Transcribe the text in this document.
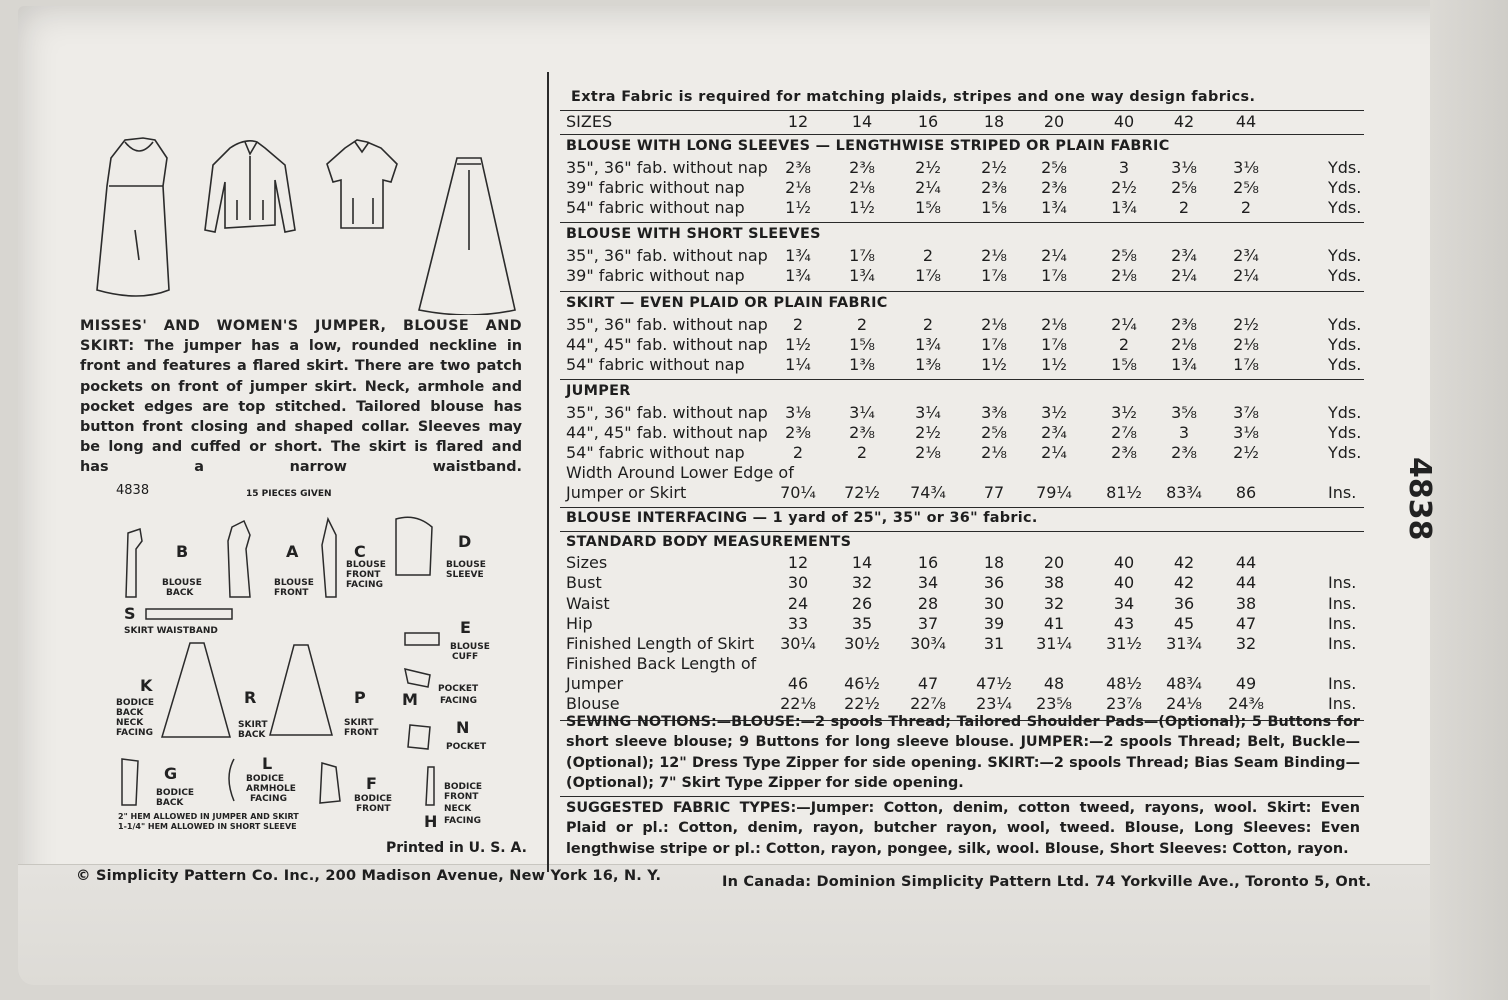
4838
MISSES' AND WOMEN'S JUMPER, BLOUSE AND SKIRT: The jumper has a low, rounded neckline in front and features a flared skirt. There are two patch pockets on front of jumper skirt. Neck, armhole and pocket edges are top stitched. Tailored blouse has button front closing and shaped collar. Sleeves may be long and cuffed or short. The skirt is flared and has a narrow waistband.
4838	15 PIECES GIVEN
B
BLOUSE
BACK
A
BLOUSE
FRONT
C
BLOUSE
FRONT
FACING
D
BLOUSE
SLEEVE
S
SKIRT WAISTBAND	E
BLOUSE
CUFF
K
BODICE
BACK
NECK
FACING
R
SKIRT
BACK
P
SKIRT
FRONT
M
POCKET
FACING
N
POCKET
G
BODICE
BACK
L
BODICE
ARMHOLE
FACING
F
BODICE
FRONT
BODICE
FRONT
NECK
H FACING
2" HEM ALLOWED IN JUMPER AND SKIRT
1-1/4" HEM ALLOWED IN SHORT SLEEVE
Printed in U. S. A.
Extra Fabric is required for matching plaids, stripes and one way design fabrics.
SIZES	12	14	16	18	20	40	42	44
BLOUSE WITH LONG SLEEVES — LENGTHWISE STRIPED OR PLAIN FABRIC
35", 36" fab. without nap	2⅜	2⅜	2½	2½	2⅝	3	3⅛	3⅛	Yds.
39" fabric without nap	2⅛	2⅛	2¼	2⅜	2⅜	2½	2⅝	2⅝	Yds.
54" fabric without nap	1½	1½	1⅝	1⅝	1¾	1¾	2	2	Yds.
BLOUSE WITH SHORT SLEEVES
35", 36" fab. without nap	1¾	1⅞	2	2⅛	2¼	2⅝	2¾	2¾	Yds.
39" fabric without nap	1¾	1¾	1⅞	1⅞	1⅞	2⅛	2¼	2¼	Yds.
SKIRT — EVEN PLAID OR PLAIN FABRIC
35", 36" fab. without nap	2	2	2	2⅛	2⅛	2¼	2⅜	2½	Yds.
44", 45" fab. without nap	1½	1⅝	1¾	1⅞	1⅞	2	2⅛	2⅛	Yds.
54" fabric without nap	1¼	1⅜	1⅜	1½	1½	1⅝	1¾	1⅞	Yds.
JUMPER
35", 36" fab. without nap	3⅛	3¼	3¼	3⅜	3½	3½	3⅝	3⅞	Yds.
44", 45" fab. without nap	2⅜	2⅜	2½	2⅝	2¾	2⅞	3	3⅛	Yds.
54" fabric without nap	2	2	2⅛	2⅛	2¼	2⅜	2⅜	2½	Yds.
Width Around Lower Edge of
Jumper or Skirt	70¼	72½	74¾	77	79¼	81½	83¾	86	Ins.
BLOUSE INTERFACING — 1 yard of 25", 35" or 36" fabric.
STANDARD BODY MEASUREMENTS
Sizes	12	14	16	18	20	40	42	44
Bust	30	32	34	36	38	40	42	44	Ins.
Waist	24	26	28	30	32	34	36	38	Ins.
Hip	33	35	37	39	41	43	45	47	Ins.
Finished Length of Skirt	30¼	30½	30¾	31	31¼	31½	31¾	32	Ins.
Finished Back Length of
Jumper	46	46½	47	47½	48	48½	48¾	49	Ins.
Blouse	22⅛	22½	22⅞	23¼	23⅝	23⅞	24⅛	24⅜	Ins.
SEWING NOTIONS:—BLOUSE:—2 spools Thread; Tailored Shoulder Pads—(Optional); 5 Buttons for short sleeve blouse; 9 Buttons for long sleeve blouse. JUMPER:—2 spools Thread; Belt, Buckle—(Optional); 12" Dress Type Zipper for side opening. SKIRT:—2 spools Thread; Bias Seam Binding—(Optional); 7" Skirt Type Zipper for side opening.
SUGGESTED FABRIC TYPES:—Jumper: Cotton, denim, cotton tweed, rayons, wool. Skirt: Even Plaid or pl.: Cotton, denim, rayon, butcher rayon, wool, tweed. Blouse, Long Sleeves: Even lengthwise stripe or pl.: Cotton, rayon, pongee, silk, wool. Blouse, Short Sleeves: Cotton, rayon.
© Simplicity Pattern Co. Inc., 200 Madison Avenue, New York 16, N. Y.	In Canada: Dominion Simplicity Pattern Ltd. 74 Yorkville Ave., Toronto 5, Ont.
